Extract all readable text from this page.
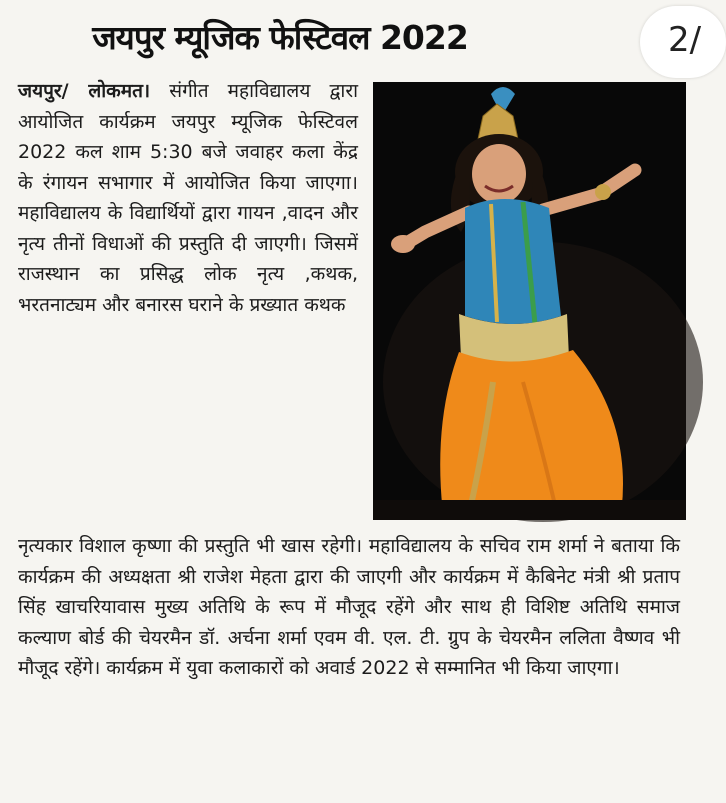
जयपुर म्यूजिक फेस्टिवल 2022	2/
जयपुर/ लोकमत। संगीत महाविद्यालय द्वारा आयोजित कार्यक्रम जयपुर म्यूजिक फेस्टिवल 2022 कल शाम 5:30 बजे जवाहर कला केंद्र के रंगायन सभागार में आयोजित किया जाएगा। महाविद्यालय के विद्यार्थियों द्वारा गायन ,वादन और नृत्य तीनों विधाओं की प्रस्तुति दी जाएगी। जिसमें राजस्थान का प्रसिद्ध लोक नृत्य ,कथक, भरतनाट्यम और बनारस घराने के प्रख्यात कथक
नृत्यकार विशाल कृष्णा की प्रस्तुति भी खास रहेगी। महाविद्यालय के सचिव राम शर्मा ने बताया कि कार्यक्रम की अध्यक्षता श्री राजेश मेहता द्वारा की जाएगी और कार्यक्रम में कैबिनेट मंत्री श्री प्रताप सिंह खाचरियावास मुख्य अतिथि के रूप में मौजूद रहेंगे और साथ ही विशिष्ट अतिथि समाज कल्याण बोर्ड की चेयरमैन डॉ. अर्चना शर्मा एवम वी. एल. टी. ग्रुप के चेयरमैन ललिता वैष्णव भी मौजूद रहेंगे। कार्यक्रम में युवा कलाकारों को अवार्ड 2022 से सम्मानित भी किया जाएगा।
